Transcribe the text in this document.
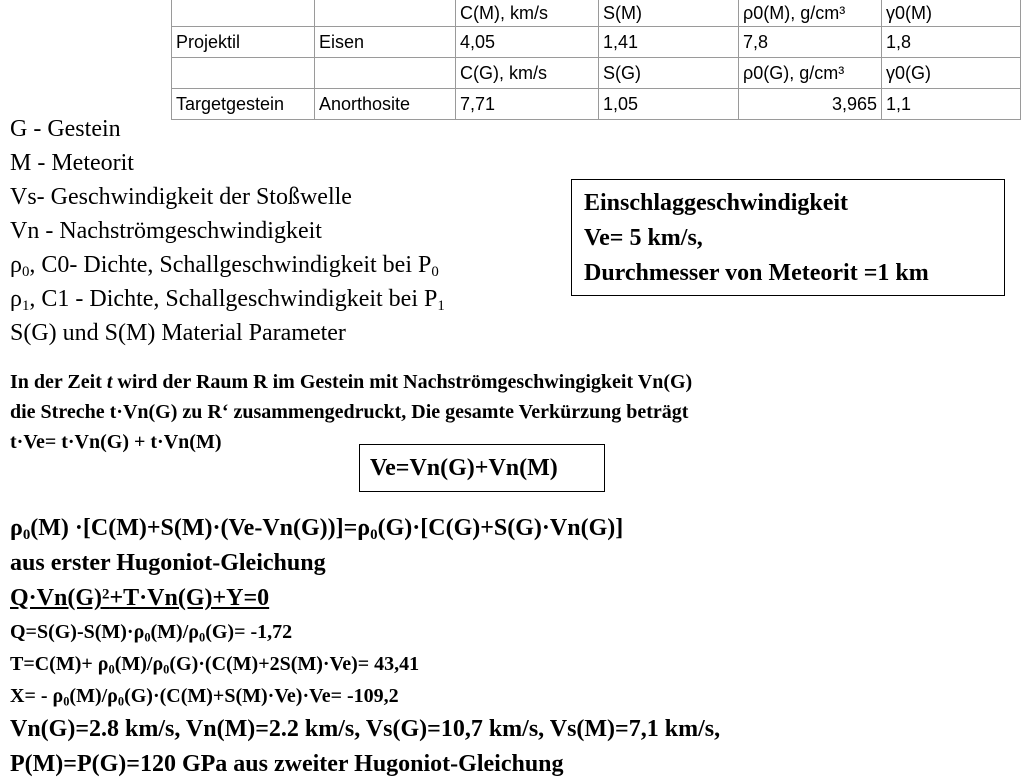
		C(M), km/s	S(M)	ρ0(M), g/cm³	γ0(M)
Projektil	Eisen	4,05	1,41	7,8	1,8
		C(G), km/s	S(G)	ρ0(G), g/cm³	γ0(G)
Targetgestein	Anorthosite	7,71	1,05	3,965	1,1
G - Gestein
M - Meteorit
Vs- Geschwindigkeit der Stoßwelle
Vn - Nachströmgeschwindigkeit
$\rho_0$, C0- Dichte, Schallgeschwindigkeit bei $P_0$
$\rho_1$, C1 - Dichte, Schallgeschwindigkeit bei $P_1$
S(G) und S(M) Material Parameter
Einschlaggeschwindigkeit
Ve= 5 km/s,
Durchmesser von Meteorit =1 km
In der Zeit t wird der Raum R im Gestein mit Nachströmgeschwingigkeit Vn(G)
die Streche t·Vn(G) zu R‘ zusammengedruckt, Die gesamte Verkürzung beträgt
t·Ve= t·Vn(G) + t·Vn(M)
Ve=Vn(G)+Vn(M)
$\rho_0(M) \cdot[C(M)+S(M)\cdot(Ve-Vn(G))]=\rho_0(G)\cdot[C(G)+S(G)\cdot Vn(G)]$
aus erster Hugoniot-Gleichung
$Q\cdot Vn(G)^2+T\cdot Vn(G)+Y=0$
$Q=S(G)-S(M)\cdot\rho_0(M)/\rho_0(G)= -1,72$
$T=C(M)+ \rho_0(M)/\rho_0(G)\cdot(C(M)+2S(M)\cdot Ve)= 43,41$
$X= - \rho_0(M)/\rho_0(G)\cdot(C(M)+S(M)\cdot Ve)\cdot Ve= -109,2$
Vn(G)=2.8 km/s, Vn(M)=2.2 km/s, Vs(G)=10,7 km/s, Vs(M)=7,1 km/s,
P(M)=P(G)=120 GPa aus zweiter Hugoniot-Gleichung
